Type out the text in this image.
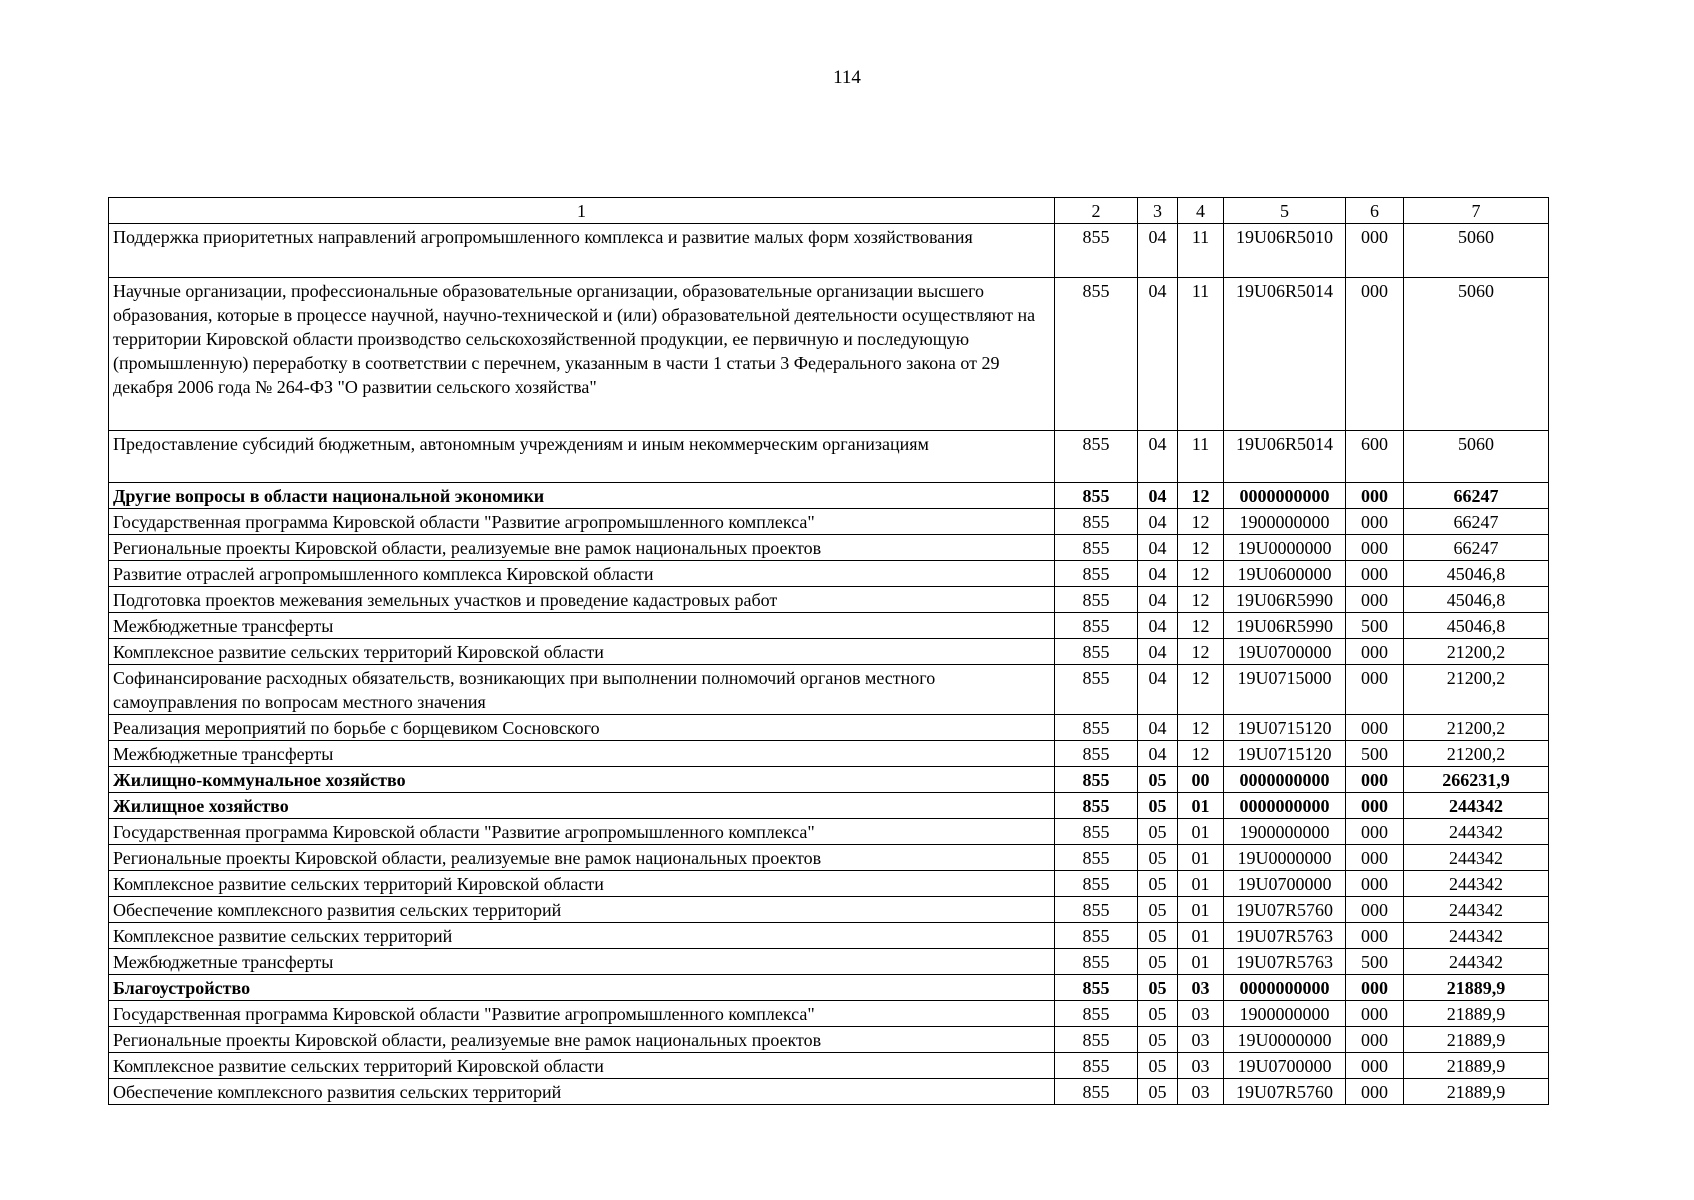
114
1	2	3	4	5	6	7
Поддержка приоритетных направлений агропромышленного комплекса и развитие малых форм хозяйствования	855	04	11	19U06R5010	000	5060
Научные организации, профессиональные образовательные организации, образовательные организации высшего образования, которые в процессе научной, научно-технической и (или) образовательной деятельности осуществляют на территории Кировской области производство сельскохозяйственной продукции, ее первичную и последующую (промышленную) переработку в соответствии с перечнем, указанным в части 1 статьи 3 Федерального закона от 29 декабря 2006 года № 264-ФЗ "О развитии сельского хозяйства"	855	04	11	19U06R5014	000	5060
Предоставление субсидий бюджетным, автономным учреждениям и иным некоммерческим организациям	855	04	11	19U06R5014	600	5060
Другие вопросы в области национальной экономики	855	04	12	0000000000	000	66247
Государственная программа Кировской области "Развитие агропромышленного комплекса"	855	04	12	1900000000	000	66247
Региональные проекты Кировской области, реализуемые вне рамок национальных проектов	855	04	12	19U0000000	000	66247
Развитие отраслей агропромышленного комплекса Кировской области	855	04	12	19U0600000	000	45046,8
Подготовка проектов межевания земельных участков и проведение кадастровых работ	855	04	12	19U06R5990	000	45046,8
Межбюджетные трансферты	855	04	12	19U06R5990	500	45046,8
Комплексное развитие сельских территорий Кировской области	855	04	12	19U0700000	000	21200,2
Софинансирование расходных обязательств, возникающих при выполнении полномочий органов местного самоуправления по вопросам местного значения	855	04	12	19U0715000	000	21200,2
Реализация мероприятий по борьбе с борщевиком Сосновского	855	04	12	19U0715120	000	21200,2
Межбюджетные трансферты	855	04	12	19U0715120	500	21200,2
Жилищно-коммунальное хозяйство	855	05	00	0000000000	000	266231,9
Жилищное хозяйство	855	05	01	0000000000	000	244342
Государственная программа Кировской области "Развитие агропромышленного комплекса"	855	05	01	1900000000	000	244342
Региональные проекты Кировской области, реализуемые вне рамок национальных проектов	855	05	01	19U0000000	000	244342
Комплексное развитие сельских территорий Кировской области	855	05	01	19U0700000	000	244342
Обеспечение комплексного развития сельских территорий	855	05	01	19U07R5760	000	244342
Комплексное развитие сельских территорий	855	05	01	19U07R5763	000	244342
Межбюджетные трансферты	855	05	01	19U07R5763	500	244342
Благоустройство	855	05	03	0000000000	000	21889,9
Государственная программа Кировской области "Развитие агропромышленного комплекса"	855	05	03	1900000000	000	21889,9
Региональные проекты Кировской области, реализуемые вне рамок национальных проектов	855	05	03	19U0000000	000	21889,9
Комплексное развитие сельских территорий Кировской области	855	05	03	19U0700000	000	21889,9
Обеспечение комплексного развития сельских территорий	855	05	03	19U07R5760	000	21889,9
